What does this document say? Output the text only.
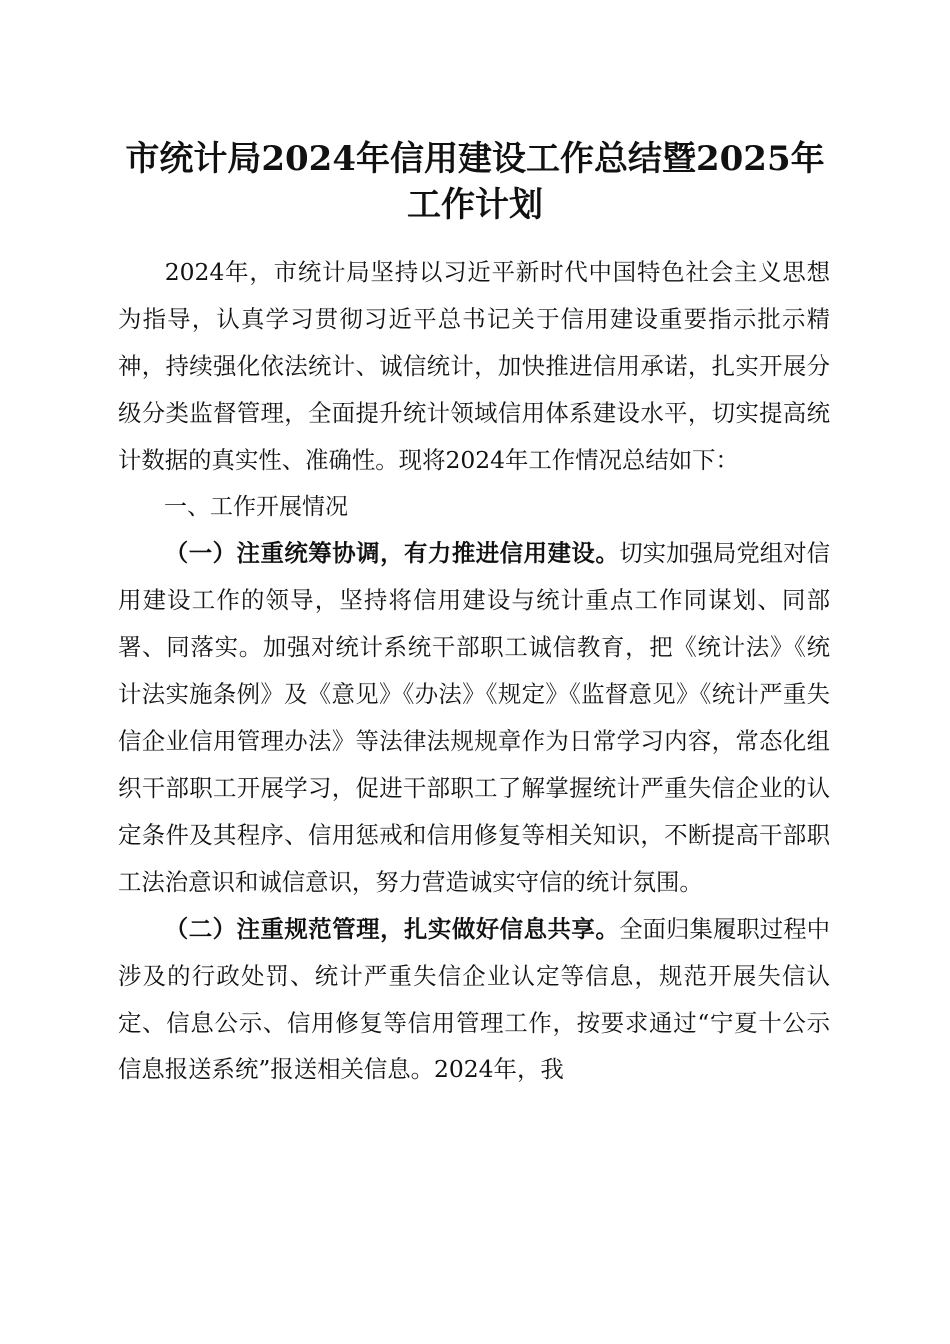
市统计局2024年信用建设工作总结暨2025年
工作计划

2024年，市统计局坚持以习近平新时代中国特色社会主义思想为指导，认真学习贯彻习近平总书记关于信用建设重要指示批示精神，持续强化依法统计、诚信统计，加快推进信用承诺，扎实开展分级分类监督管理，全面提升统计领域信用体系建设水平，切实提高统计数据的真实性、准确性。现将2024年工作情况总结如下：

一、工作开展情况

（一）注重统筹协调，有力推进信用建设。切实加强局党组对信用建设工作的领导，坚持将信用建设与统计重点工作同谋划、同部署、同落实。加强对统计系统干部职工诚信教育，把《统计法》《统计法实施条例》及《意见》《办法》《规定》《监督意见》《统计严重失信企业信用管理办法》等法律法规规章作为日常学习内容，常态化组织干部职工开展学习，促进干部职工了解掌握统计严重失信企业的认定条件及其程序、信用惩戒和信用修复等相关知识，不断提高干部职工法治意识和诚信意识，努力营造诚实守信的统计氛围。

（二）注重规范管理，扎实做好信息共享。全面归集履职过程中涉及的行政处罚、统计严重失信企业认定等信息，规范开展失信认定、信息公示、信用修复等信用管理工作，按要求通过“宁夏十公示信息报送系统”报送相关信息。2024年，我
